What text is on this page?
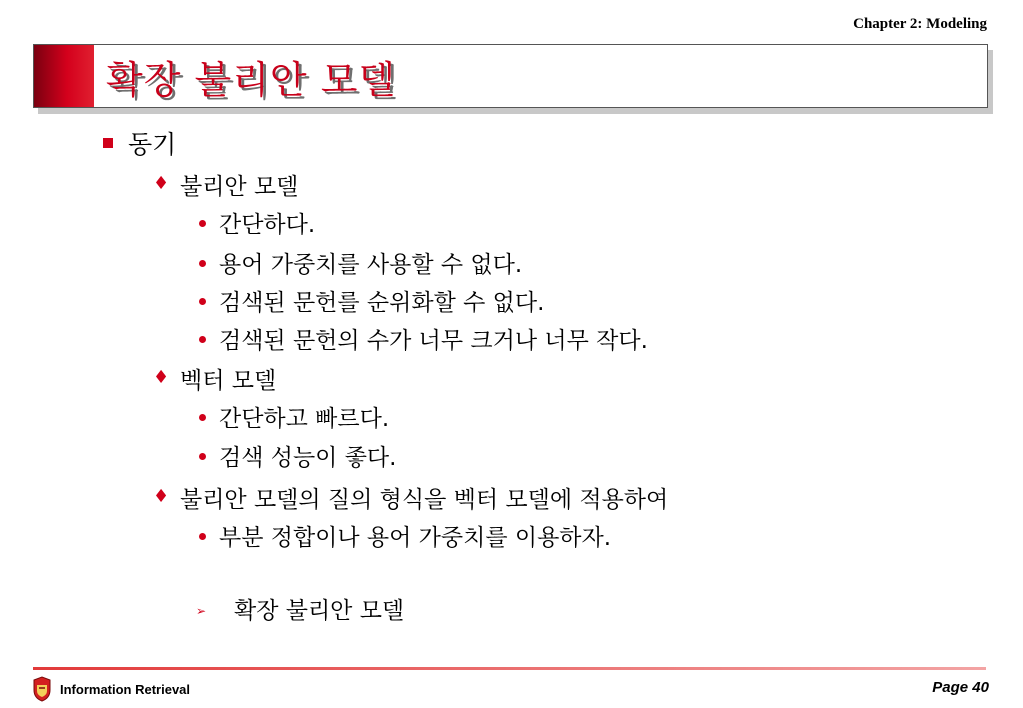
Chapter 2: Modeling
확장 불리안 모델
동기
♦ 불리안 모델
간단하다.
용어 가중치를 사용할 수 없다.
검색된 문헌를 순위화할 수 없다.
검색된 문헌의 수가 너무 크거나 너무 작다.
♦ 벡터 모델
간단하고 빠르다.
검색 성능이 좋다.
♦ 불리안 모델의 질의 형식을 벡터 모델에 적용하여
부분 정합이나 용어 가중치를 이용하자.
➢ 확장 불리안 모델
Information Retrieval	Page 40
